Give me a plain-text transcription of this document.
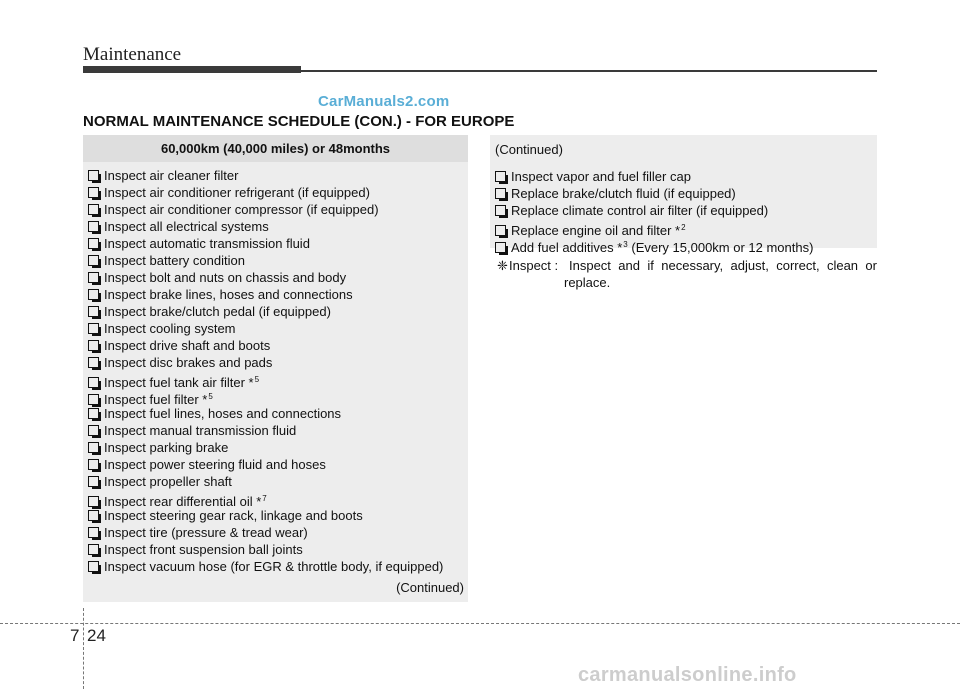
Maintenance
CarManuals2.com
NORMAL MAINTENANCE SCHEDULE (CON.) - FOR EUROPE
60,000km (40,000 miles) or 48months
Inspect air cleaner filter
Inspect air conditioner refrigerant (if equipped)
Inspect air conditioner compressor (if equipped)
Inspect all electrical systems
Inspect automatic transmission fluid
Inspect battery condition
Inspect bolt and nuts on chassis and body
Inspect brake lines, hoses and connections
Inspect brake/clutch pedal (if equipped)
Inspect cooling system
Inspect drive shaft and boots
Inspect disc brakes and pads
Inspect fuel tank air filter *$^5$
Inspect fuel filter *$^5$
Inspect fuel lines, hoses and connections
Inspect manual transmission fluid
Inspect parking brake
Inspect power steering fluid and hoses
Inspect propeller shaft
Inspect rear differential oil *$^7$
Inspect steering gear rack, linkage and boots
Inspect tire (pressure & tread wear)
Inspect front suspension ball joints
Inspect vacuum hose (for EGR & throttle body, if equipped)
(Continued)
(Continued)
Inspect vapor and fuel filler cap
Replace brake/clutch fluid (if equipped)
Replace climate control air filter (if equipped)
Replace engine oil and filter *$^2$
Add fuel additives *$^3$ (Every 15,000km or 12 months)
❈ Inspect : Inspect and if necessary, adjust, correct, clean or
replace.
7 24
carmanualsonline.info
